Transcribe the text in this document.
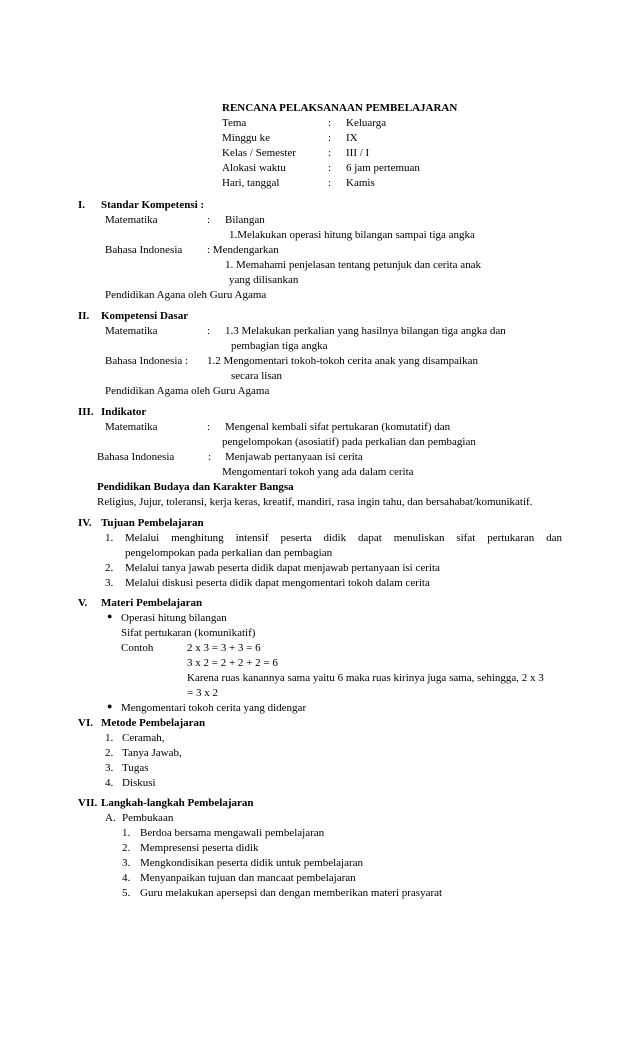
RENCANA PELAKSANAAN PEMBELAJARAN
Tema	: Keluarga
Minggu ke	: IX
Kelas / Semester	: III / I
Alokasi waktu	: 6 jam pertemuan
Hari, tanggal	: Kamis
I. Standar Kompetensi :
Matematika	: Bilangan
1.Melakukan operasi hitung bilangan sampai tiga angka
Bahasa Indonesia : Mendengarkan
1. Memahami penjelasan tentang petunjuk dan cerita anak
yang dilisankan
Pendidikan Agana oleh Guru Agama
II. Kompetensi Dasar
Matematika	: 1.3 Melakukan perkalian yang hasilnya bilangan tiga angka dan
pembagian tiga angka
Bahasa Indonesia : 1.2 Mengomentari tokoh-tokoh cerita anak yang disampaikan
secara lisan
Pendidikan Agama oleh Guru Agama
III. Indikator
Matematika	: Mengenal kembali sifat pertukaran (komutatif) dan
pengelompokan (asosiatif) pada perkalian dan pembagian
Bahasa Indonesia	: Menjawab pertanyaan isi cerita
Mengomentari tokoh yang ada dalam cerita
Pendidikan Budaya dan Karakter Bangsa
Religius, Jujur, toleransi, kerja keras, kreatif, mandiri, rasa ingin tahu, dan bersahabat/komunikatif.
IV. Tujuan Pembelajaran
1. Melalui menghitung intensif peserta didik dapat menuliskan sifat pertukaran dan
pengelompokan pada perkalian dan pembagian
2. Melalui tanya jawab peserta didik dapat menjawab pertanyaan isi cerita
3. Melalui diskusi peserta didik dapat mengomentari tokoh dalam cerita
V. Materi Pembelajaran
● Operasi hitung bilangan
Sifat pertukaran (komunikatif)
Contoh	2 x 3 = 3 + 3 = 6
3 x 2 = 2 + 2 + 2 = 6
Karena ruas kanannya sama yaitu 6 maka ruas kirinya juga sama, sehingga, 2 x 3
= 3 x 2
● Mengomentari tokoh cerita yang didengar
VI. Metode Pembelajaran
1. Ceramah,
2. Tanya Jawab,
3. Tugas
4. Diskusi
VII. Langkah-langkah Pembelajaran
A. Pembukaan
1. Berdoa bersama mengawali pembelajaran
2. Mempresensi peserta didik
3. Mengkondisikan peserta didik untuk pembelajaran
4. Menyanpaikan tujuan dan mancaat pembelajaran
5. Guru melakukan apersepsi dan dengan memberikan materi prasyarat
